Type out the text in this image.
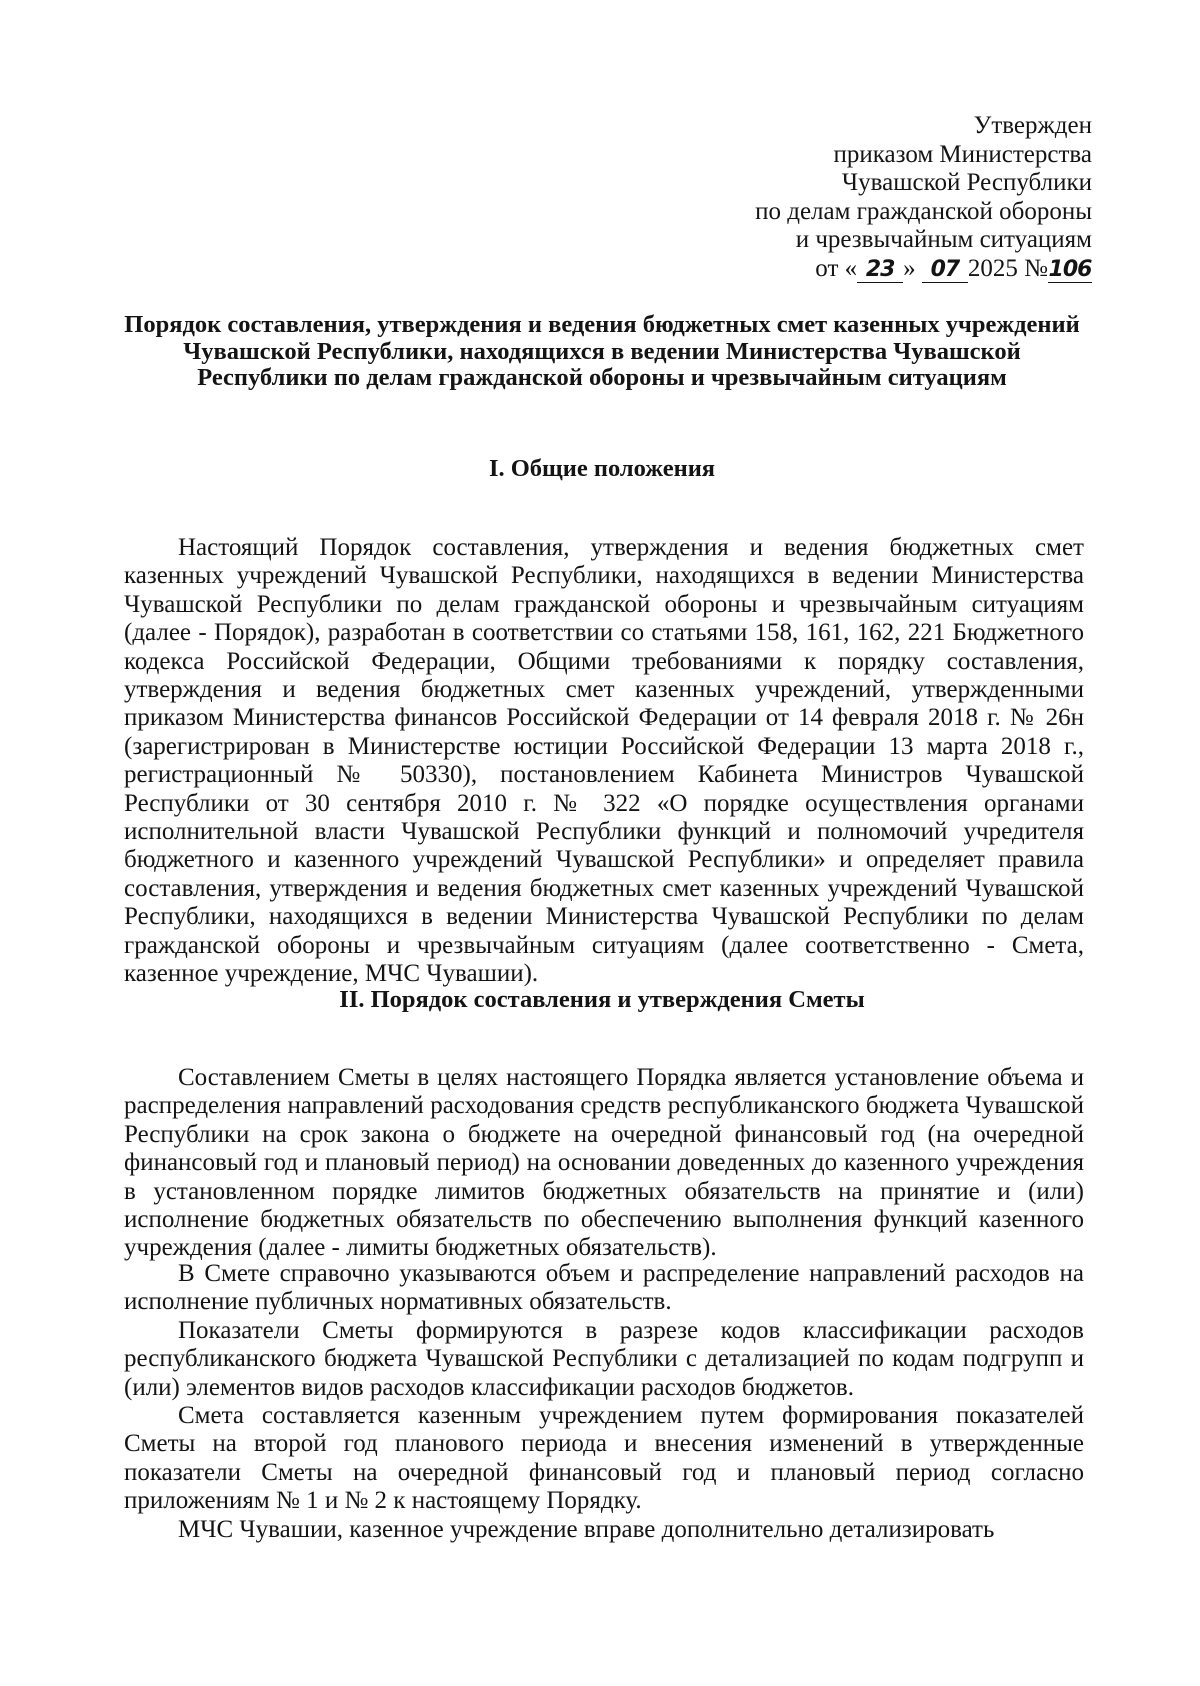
Утвержден
приказом Министерства
Чувашской Республики
по делам гражданской обороны
и чрезвычайным ситуациям
от « 23 » 07 2025 №106
Порядок составления, утверждения и ведения бюджетных смет казенных учреждений Чувашской Республики, находящихся в ведении Министерства Чувашской Республики по делам гражданской обороны и чрезвычайным ситуациям
I. Общие положения

Настоящий Порядок составления, утверждения и ведения бюджетных смет казенных учреждений Чувашской Республики, находящихся в ведении Министерства Чувашской Республики по делам гражданской обороны и чрезвычайным ситуациям (далее - Порядок), разработан в соответствии со статьями 158, 161, 162, 221 Бюджетного кодекса Российской Федерации, Общими требованиями к порядку составления, утверждения и ведения бюджетных смет казенных учреждений, утвержденными приказом Министерства финансов Российской Федерации от 14 февраля 2018 г. № 26н (зарегистрирован в Министерстве юстиции Российской Федерации 13 марта 2018 г., регистрационный № 50330), постановлением Кабинета Министров Чувашской Республики от 30 сентября 2010 г. № 322 «О порядке осуществления органами исполнительной власти Чувашской Республики функций и полномочий учредителя бюджетного и казенного учреждений Чувашской Республики» и определяет правила составления, утверждения и ведения бюджетных смет казенных учреждений Чувашской Республики, находящихся в ведении Министерства Чувашской Республики по делам гражданской обороны и чрезвычайным ситуациям (далее соответственно - Смета, казенное учреждение, МЧС Чувашии).

II. Порядок составления и утверждения Сметы

Составлением Сметы в целях настоящего Порядка является установление объема и распределения направлений расходования средств республиканского бюджета Чувашской Республики на срок закона о бюджете на очередной финансовый год (на очередной финансовый год и плановый период) на основании доведенных до казенного учреждения в установленном порядке лимитов бюджетных обязательств на принятие и (или) исполнение бюджетных обязательств по обеспечению выполнения функций казенного учреждения (далее - лимиты бюджетных обязательств).

В Смете справочно указываются объем и распределение направлений расходов на исполнение публичных нормативных обязательств.

Показатели Сметы формируются в разрезе кодов классификации расходов республиканского бюджета Чувашской Республики с детализацией по кодам подгрупп и (или) элементов видов расходов классификации расходов бюджетов.

Смета составляется казенным учреждением путем формирования показателей Сметы на второй год планового периода и внесения изменений в утвержденные показатели Сметы на очередной финансовый год и плановый период согласно приложениям № 1 и № 2 к настоящему Порядку.

МЧС Чувашии, казенное учреждение вправе дополнительно детализировать
